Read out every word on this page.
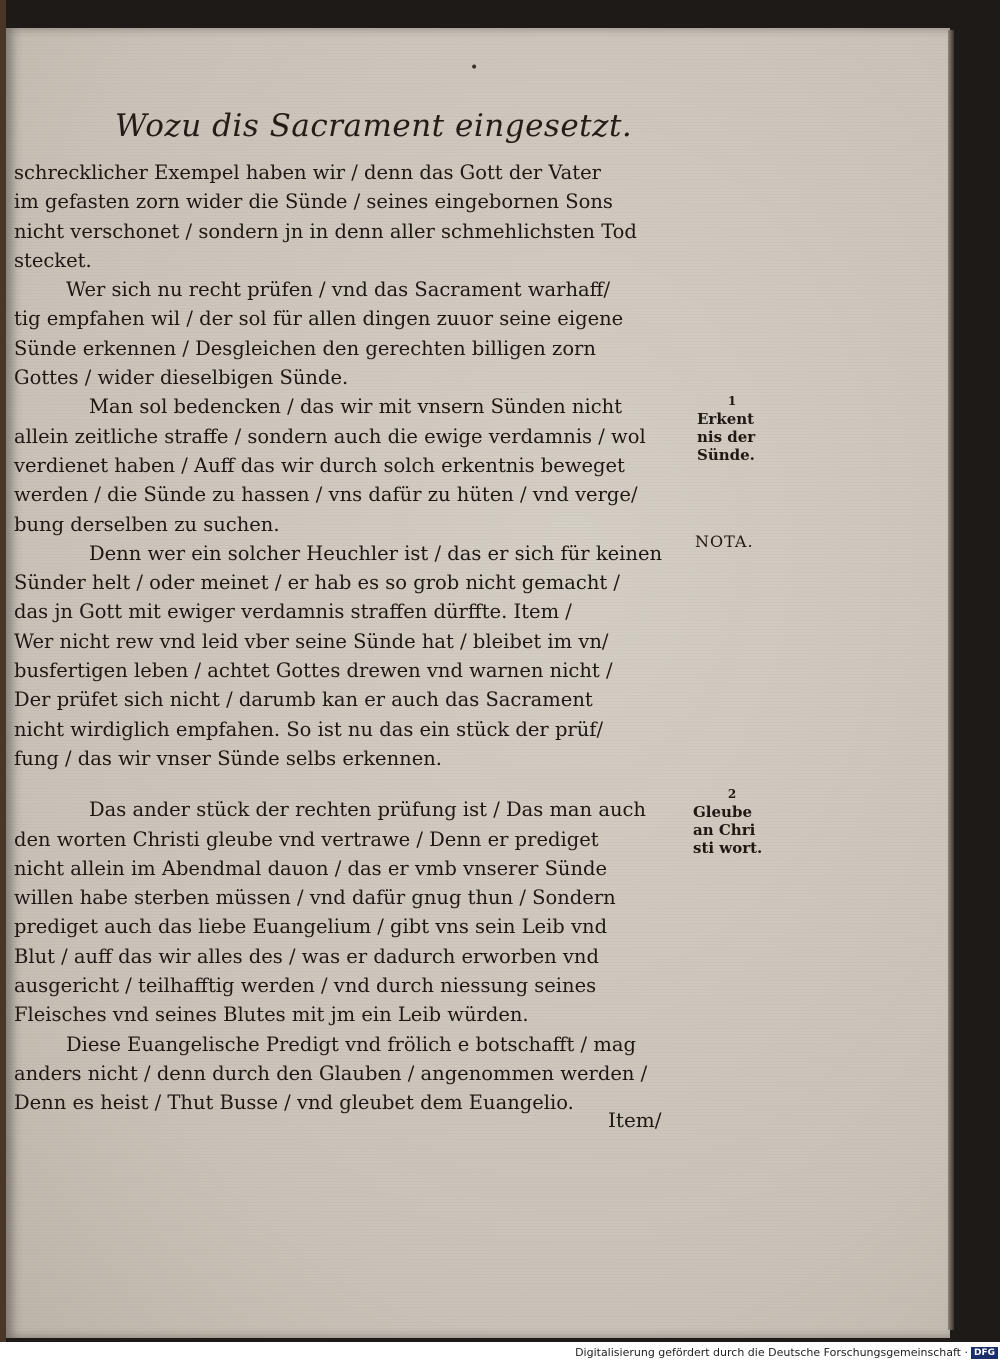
•
Wozu dis Sacrament eingesetzt.
schrecklicher Exempel haben wir / denn das Gott der Vater
im gefasten zorn wider die Sünde / seines eingebornen Sons
nicht verschonet / sondern jn in denn aller schmehlichsten Tod
stecket.
Wer sich nu recht prüfen / vnd das Sacrament warhaff/
tig empfahen wil / der sol für allen dingen zuuor seine eigene
Sünde erkennen / Desgleichen den gerechten billigen zorn
Gottes / wider dieselbigen Sünde.
Man sol bedencken / das wir mit vnsern Sünden nicht
allein zeitliche straffe / sondern auch die ewige verdamnis / wol
verdienet haben / Auff das wir durch solch erkentnis beweget
werden / die Sünde zu hassen / vns dafür zu hüten / vnd verge/
bung derselben zu suchen.
Denn wer ein solcher Heuchler ist / das er sich für keinen
Sünder helt / oder meinet / er hab es so grob nicht gemacht /
das jn Gott mit ewiger verdamnis straffen dürffte. Item /
Wer nicht rew vnd leid vber seine Sünde hat / bleibet im vn/
busfertigen leben / achtet Gottes drewen vnd warnen nicht /
Der prüfet sich nicht / darumb kan er auch das Sacrament
nicht wirdiglich empfahen. So ist nu das ein stück der prüf/
fung / das wir vnser Sünde selbs erkennen.
Das ander stück der rechten prüfung ist / Das man auch
den worten Christi gleube vnd vertrawe / Denn er prediget
nicht allein im Abendmal dauon / das er vmb vnserer Sünde
willen habe sterben müssen / vnd dafür gnug thun / Sondern
prediget auch das liebe Euangelium / gibt vns sein Leib vnd
Blut / auff das wir alles des / was er dadurch erworben vnd
ausgericht / teilhafftig werden / vnd durch niessung seines
Fleisches vnd seines Blutes mit jm ein Leib würden.
Diese Euangelische Predigt vnd frölich e botschafft / mag
anders nicht / denn durch den Glauben / angenommen werden /
Denn es heist / Thut Busse / vnd gleubet dem Euangelio.
Item/
1
Erkent
nis der
Sünde.
NOTA.
2
Gleube
an Chri
sti wort.
Digitalisierung gefördert durch die Deutsche Forschungsgemeinschaft · DFG
